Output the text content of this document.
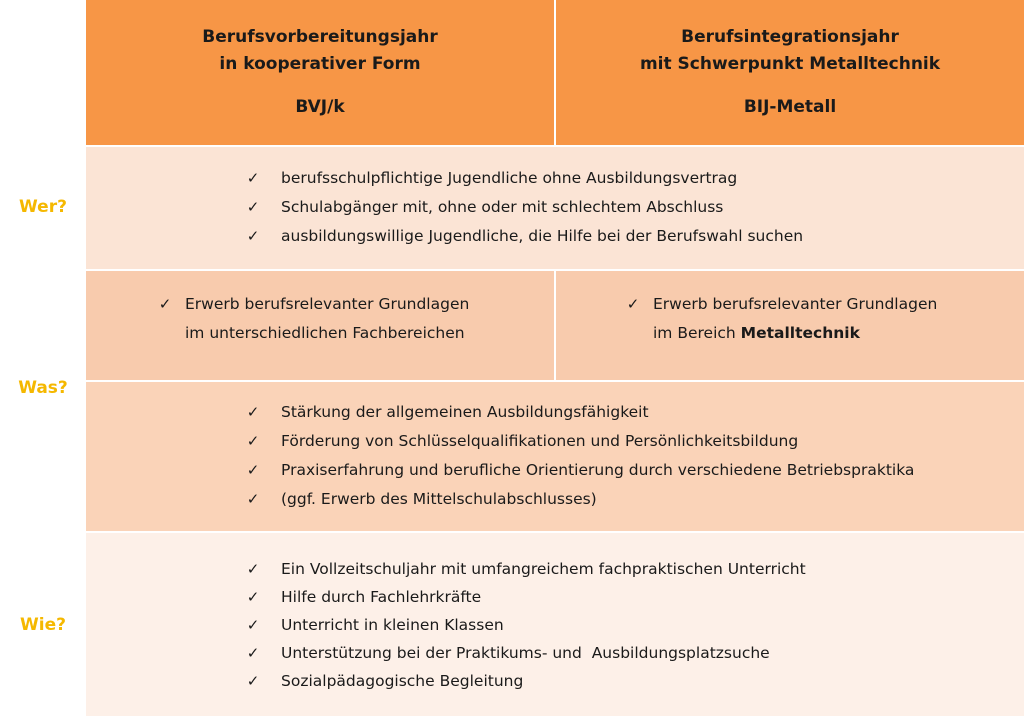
Berufsvorbereitungsjahr
in kooperativer Form
BVJ/k
Berufsintegrationsjahr
mit Schwerpunkt Metalltechnik
BIJ-Metall
Wer?
✓ berufsschulpflichtige Jugendliche ohne Ausbildungsvertrag
✓ Schulabgänger mit, ohne oder mit schlechtem Abschluss
✓ ausbildungswillige Jugendliche, die Hilfe bei der Berufswahl suchen
✓ Erwerb berufsrelevanter Grundlagen
im unterschiedlichen Fachbereichen
✓ Erwerb berufsrelevanter Grundlagen
im Bereich Metalltechnik
Was?
✓ Stärkung der allgemeinen Ausbildungsfähigkeit
✓ Förderung von Schlüsselqualifikationen und Persönlichkeitsbildung
✓ Praxiserfahrung und berufliche Orientierung durch verschiedene Betriebspraktika
✓ (ggf. Erwerb des Mittelschulabschlusses)
Wie?
✓ Ein Vollzeitschuljahr mit umfangreichem fachpraktischen Unterricht
✓ Hilfe durch Fachlehrkräfte
✓ Unterricht in kleinen Klassen
✓ Unterstützung bei der Praktikums- und  Ausbildungsplatzsuche
✓ Sozialpädagogische Begleitung
